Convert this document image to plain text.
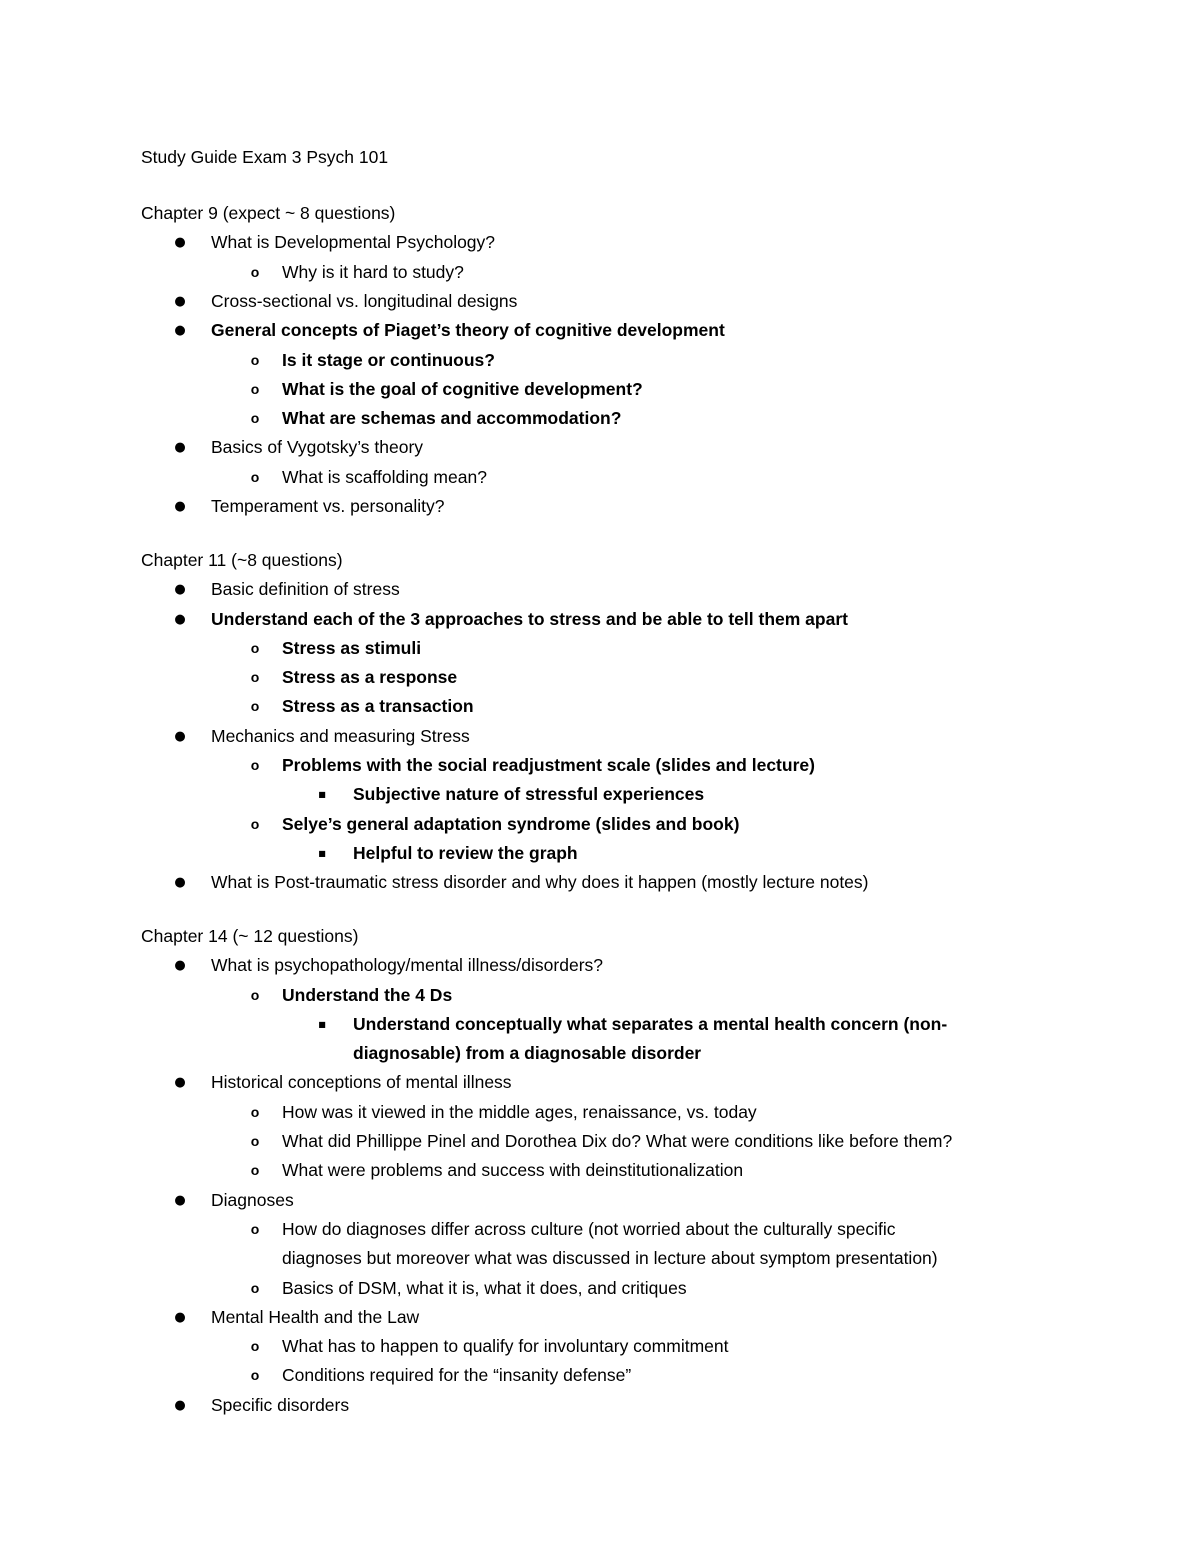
Study Guide Exam 3 Psych 101
Chapter 9 (expect ~ 8 questions)
● What is Developmental Psychology?
o	Why is it hard to study?
● Cross-sectional vs. longitudinal designs
● General concepts of Piaget’s theory of cognitive development
o	Is it stage or continuous?
o	What is the goal of cognitive development?
o	What are schemas and accommodation?
● Basics of Vygotsky’s theory
o	What is scaffolding mean?
● Temperament vs. personality?
Chapter 11 (~8 questions)
● Basic definition of stress
● Understand each of the 3 approaches to stress and be able to tell them apart
o	Stress as stimuli
o	Stress as a response
o	Stress as a transaction
● Mechanics and measuring Stress
o	Problems with the social readjustment scale (slides and lecture)
■	Subjective nature of stressful experiences
o	Selye’s general adaptation syndrome (slides and book)
■	Helpful to review the graph
● What is Post-traumatic stress disorder and why does it happen (mostly lecture notes)
Chapter 14 (~ 12 questions)
● What is psychopathology/mental illness/disorders?
o	Understand the 4 Ds
■	Understand conceptually what separates a mental health concern (non-
diagnosable) from a diagnosable disorder
● Historical conceptions of mental illness
o	How was it viewed in the middle ages, renaissance, vs. today
o	What did Phillippe Pinel and Dorothea Dix do? What were conditions like before them?
o	What were problems and success with deinstitutionalization
● Diagnoses
o	How do diagnoses differ across culture (not worried about the culturally specific
diagnoses but moreover what was discussed in lecture about symptom presentation)
o	Basics of DSM, what it is, what it does, and critiques
● Mental Health and the Law
o	What has to happen to qualify for involuntary commitment
o	Conditions required for the “insanity defense”
● Specific disorders
